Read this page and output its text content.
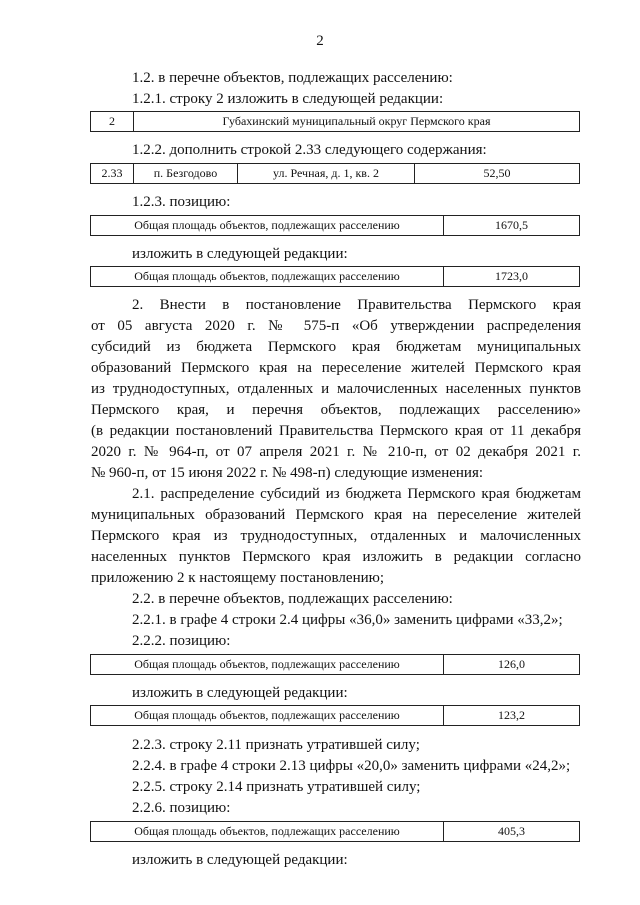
2
1.2. в перечне объектов, подлежащих расселению:
1.2.1. строку 2 изложить в следующей редакции:
2	Губахинский муниципальный округ Пермского края
1.2.2. дополнить строкой 2.33 следующего содержания:
2.33	п. Безгодово	ул. Речная, д. 1, кв. 2	52,50
1.2.3. позицию:
Общая площадь объектов, подлежащих расселению	1670,5
изложить в следующей редакции:
Общая площадь объектов, подлежащих расселению	1723,0
2. Внести в постановление Правительства Пермского края
от 05 августа 2020 г. № 575-п «Об утверждении распределения
субсидий из бюджета Пермского края бюджетам муниципальных
образований Пермского края на переселение жителей Пермского края
из труднодоступных, отдаленных и малочисленных населенных пунктов
Пермского края, и перечня объектов, подлежащих расселению»
(в редакции постановлений Правительства Пермского края от 11 декабря
2020 г. № 964-п, от 07 апреля 2021 г. № 210-п, от 02 декабря 2021 г.
№ 960-п, от 15 июня 2022 г. № 498-п) следующие изменения:
2.1. распределение субсидий из бюджета Пермского края бюджетам
муниципальных образований Пермского края на переселение жителей
Пермского края из труднодоступных, отдаленных и малочисленных
населенных пунктов Пермского края изложить в редакции согласно
приложению 2 к настоящему постановлению;
2.2. в перечне объектов, подлежащих расселению:
2.2.1. в графе 4 строки 2.4 цифры «36,0» заменить цифрами «33,2»;
2.2.2. позицию:
Общая площадь объектов, подлежащих расселению	126,0
изложить в следующей редакции:
Общая площадь объектов, подлежащих расселению	123,2
2.2.3. строку 2.11 признать утратившей силу;
2.2.4. в графе 4 строки 2.13 цифры «20,0» заменить цифрами «24,2»;
2.2.5. строку 2.14 признать утратившей силу;
2.2.6. позицию:
Общая площадь объектов, подлежащих расселению	405,3
изложить в следующей редакции:
